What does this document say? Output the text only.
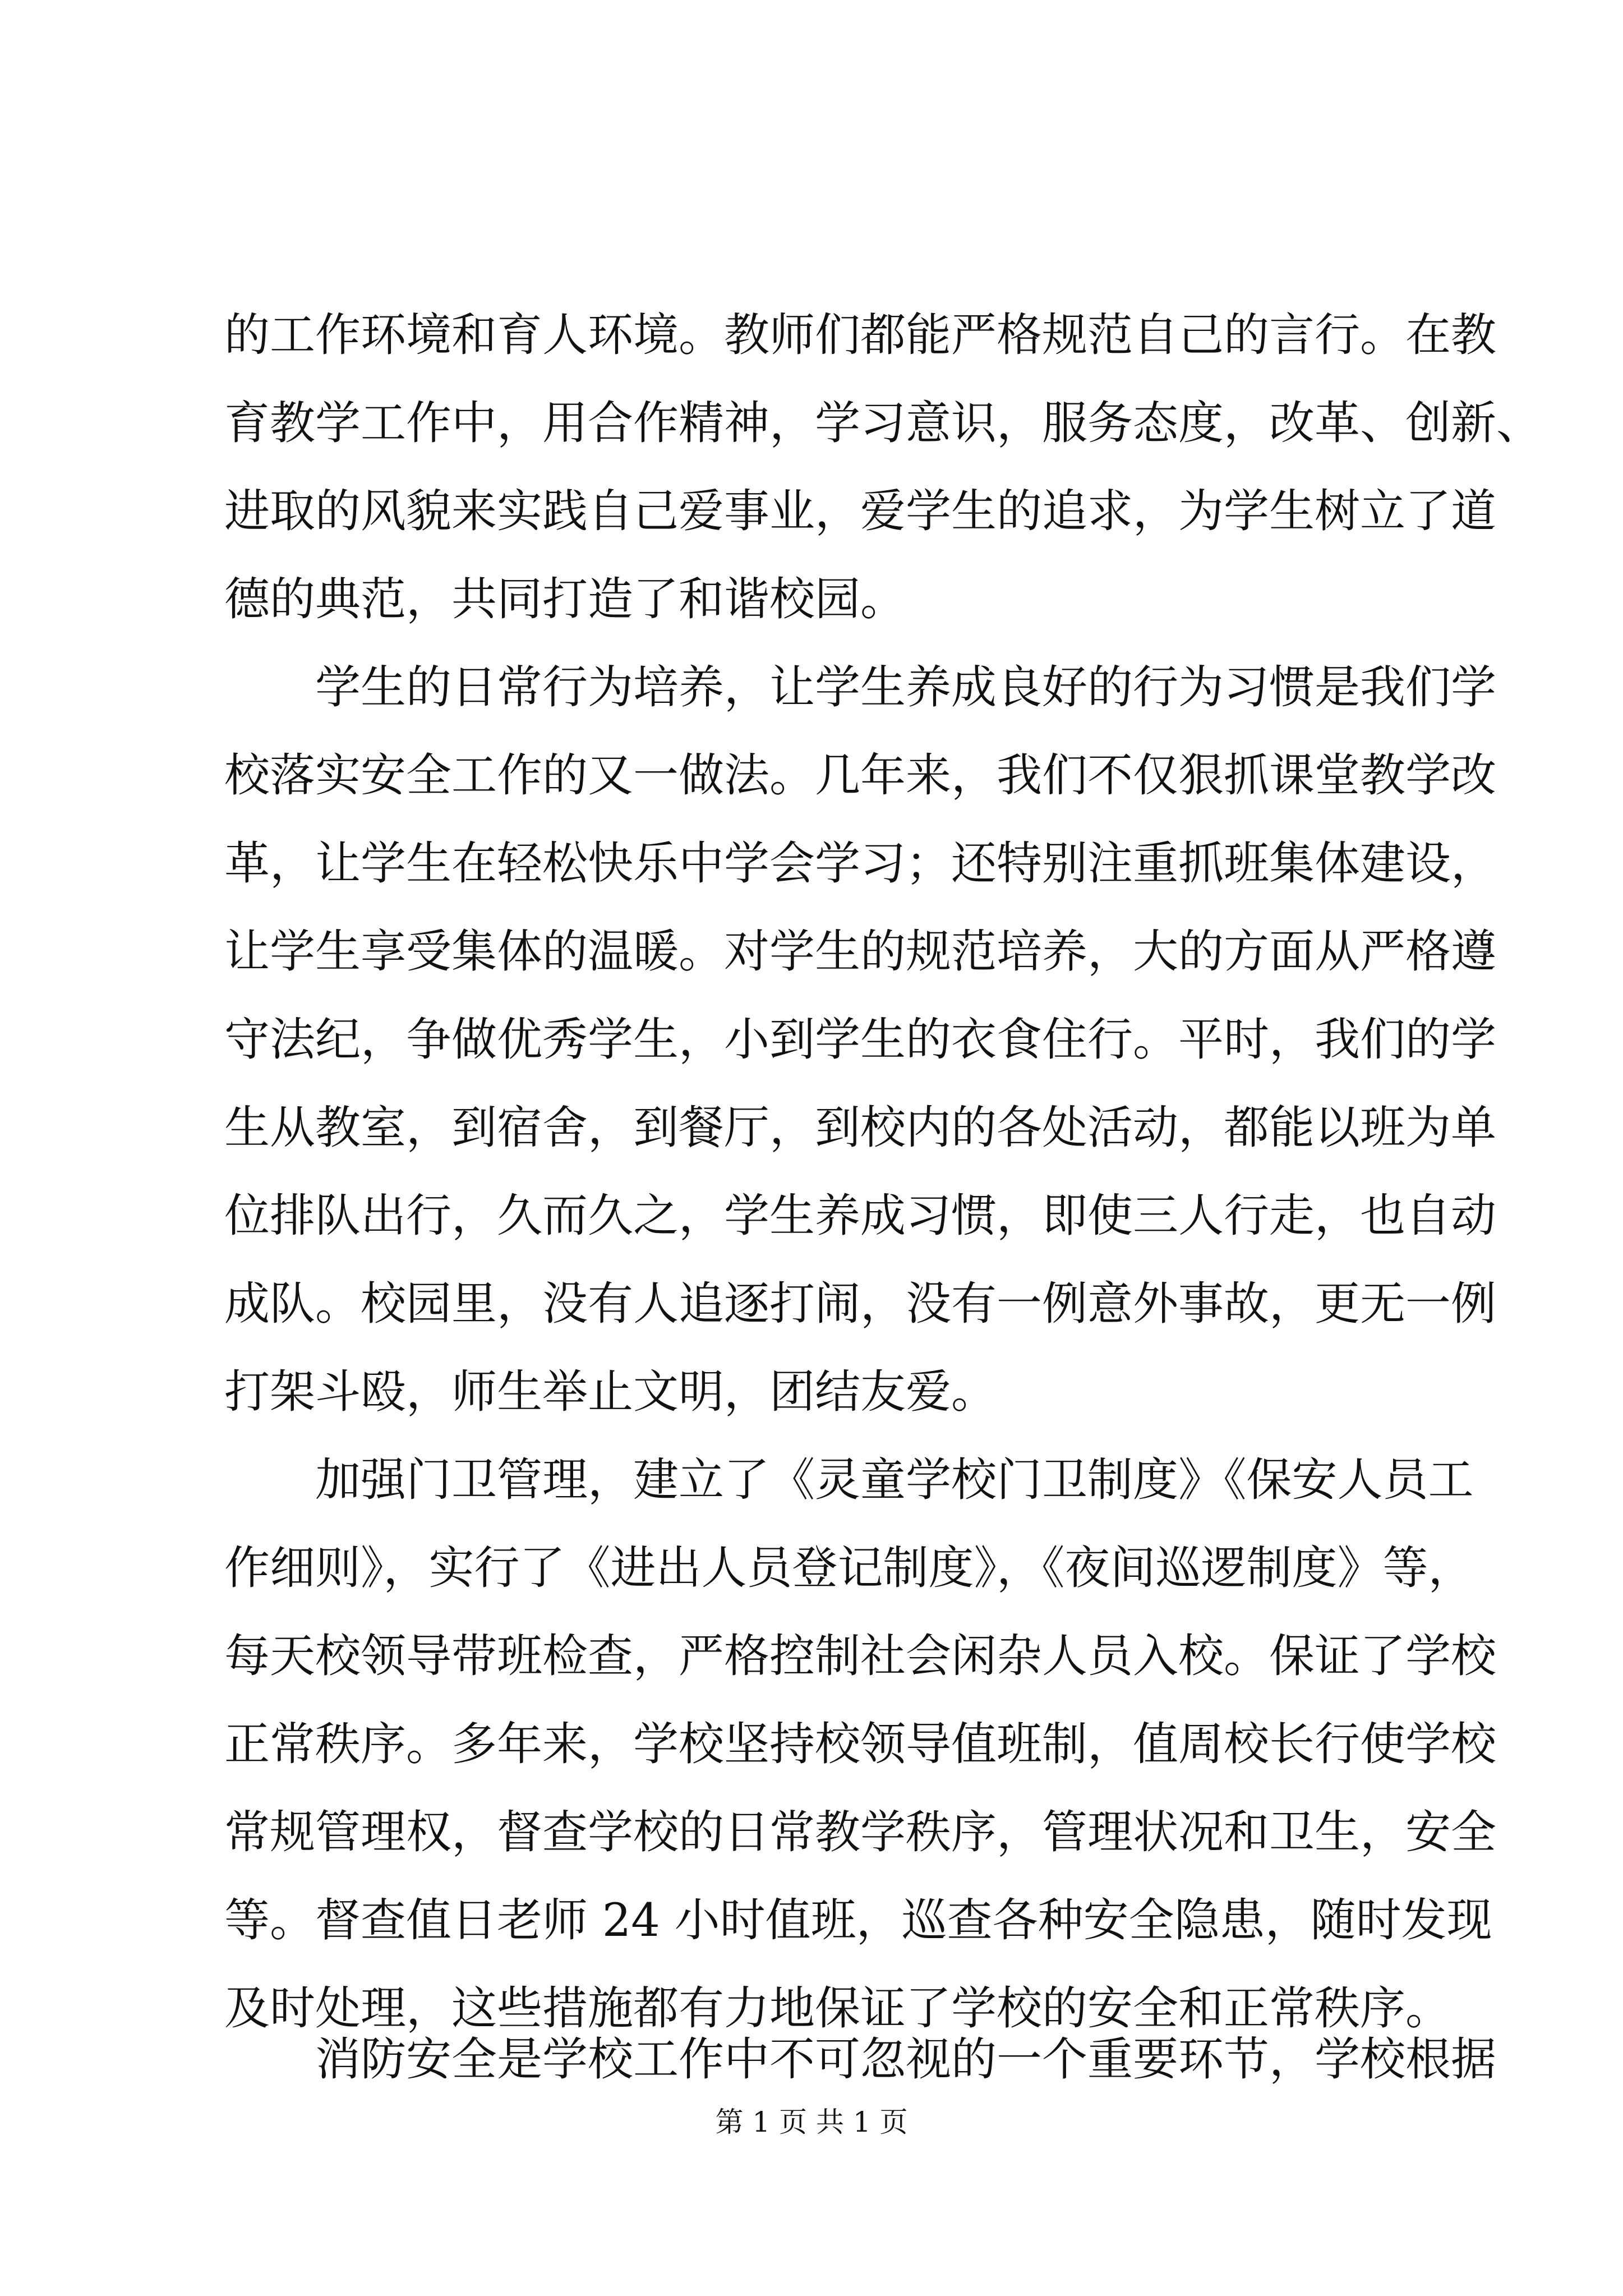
的工作环境和育人环境。教师们都能严格规范自己的言行。在教
育教学工作中，用合作精神，学习意识，服务态度，改革、创新、
进取的风貌来实践自己爱事业，爱学生的追求，为学生树立了道
德的典范，共同打造了和谐校园。
学生的日常行为培养，让学生养成良好的行为习惯是我们学
校落实安全工作的又一做法。几年来，我们不仅狠抓课堂教学改
革，让学生在轻松快乐中学会学习；还特别注重抓班集体建设，
让学生享受集体的温暖。对学生的规范培养，大的方面从严格遵
守法纪，争做优秀学生，小到学生的衣食住行。平时，我们的学
生从教室，到宿舍，到餐厅，到校内的各处活动，都能以班为单
位排队出行，久而久之，学生养成习惯，即使三人行走，也自动
成队。校园里，没有人追逐打闹，没有一例意外事故，更无一例
打架斗殴，师生举止文明，团结友爱。
加强门卫管理，建立了《灵童学校门卫制度》《保安人员工
作细则》，实行了《进出人员登记制度》，《夜间巡逻制度》等，
每天校领导带班检查，严格控制社会闲杂人员入校。保证了学校
正常秩序。多年来，学校坚持校领导值班制，值周校长行使学校
常规管理权，督查学校的日常教学秩序，管理状况和卫生，安全
等。督查值日老师 24 小时值班，巡查各种安全隐患，随时发现
及时处理，这些措施都有力地保证了学校的安全和正常秩序。
消防安全是学校工作中不可忽视的一个重要环节，学校根据
第 1 页 共 1 页
